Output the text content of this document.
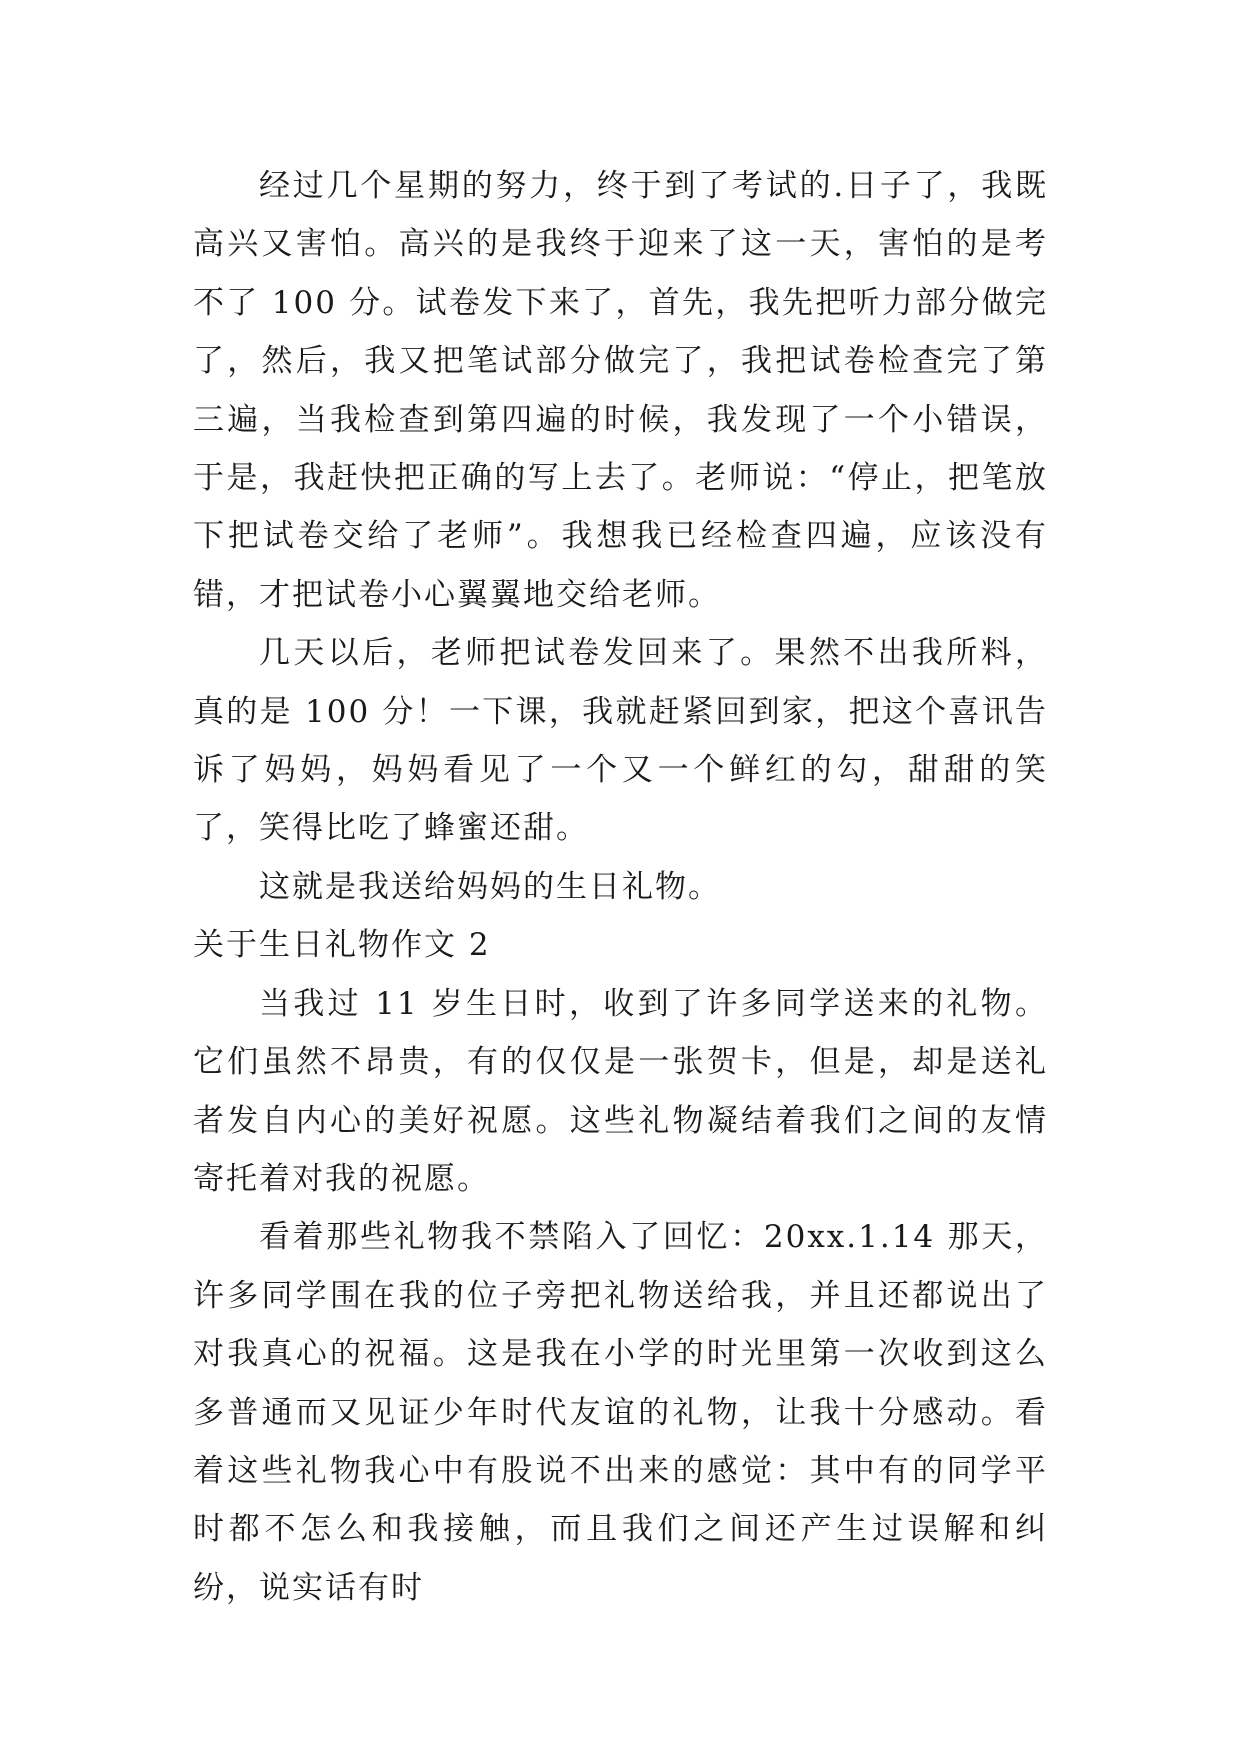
经过几个星期的努力，终于到了考试的.日子了，我既高兴又害怕。高兴的是我终于迎来了这一天，害怕的是考不了 100 分。试卷发下来了，首先，我先把听力部分做完了，然后，我又把笔试部分做完了，我把试卷检查完了第三遍，当我检查到第四遍的时候，我发现了一个小错误，于是，我赶快把正确的写上去了。老师说：“停止，把笔放下把试卷交给了老师”。我想我已经检查四遍，应该没有错，才把试卷小心翼翼地交给老师。

几天以后，老师把试卷发回来了。果然不出我所料，真的是 100 分！一下课，我就赶紧回到家，把这个喜讯告诉了妈妈，妈妈看见了一个又一个鲜红的勾，甜甜的笑了，笑得比吃了蜂蜜还甜。

这就是我送给妈妈的生日礼物。

关于生日礼物作文 2

当我过 11 岁生日时，收到了许多同学送来的礼物。它们虽然不昂贵，有的仅仅是一张贺卡，但是，却是送礼者发自内心的美好祝愿。这些礼物凝结着我们之间的友情寄托着对我的祝愿。

看着那些礼物我不禁陷入了回忆：20xx.1.14 那天，许多同学围在我的位子旁把礼物送给我，并且还都说出了对我真心的祝福。这是我在小学的时光里第一次收到这么多普通而又见证少年时代友谊的礼物，让我十分感动。看着这些礼物我心中有股说不出来的感觉：其中有的同学平时都不怎么和我接触，而且我们之间还产生过误解和纠纷，说实话有时
